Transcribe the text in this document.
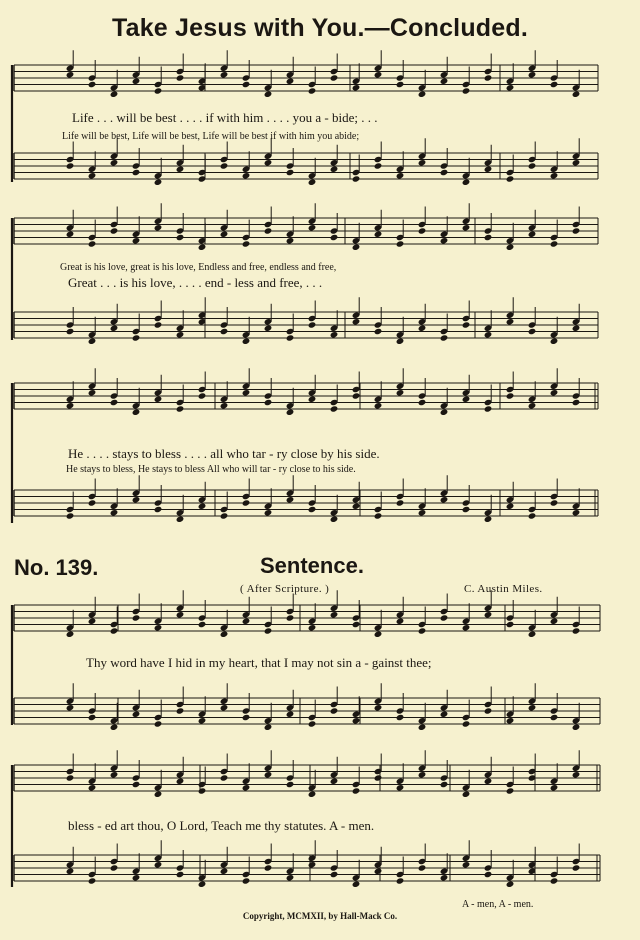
Take Jesus with You.—Concluded.
Life . . . will be best . . . . if with him . . . . you a - bide; . . .
Life will be best, Life will be best, Life will be best if with him you abide;
Great is his love, great is his love, Endless and free, endless and free,
Great . . . is his love, . . . . end - less and free, . . .
He . . . . stays to bless . . . . all who tar - ry close by his side.
He stays to bless, He stays to bless All who will tar - ry close to his side.
No. 139.	Sentence.
( After Scripture. )	C. Austin Miles.
Thy word have I hid in my heart, that I may not sin a - gainst thee;
bless - ed art thou, O Lord, Teach me thy statutes. A - men.
A - men, A - men.
Copyright, MCMXII, by Hall-Mack Co.
